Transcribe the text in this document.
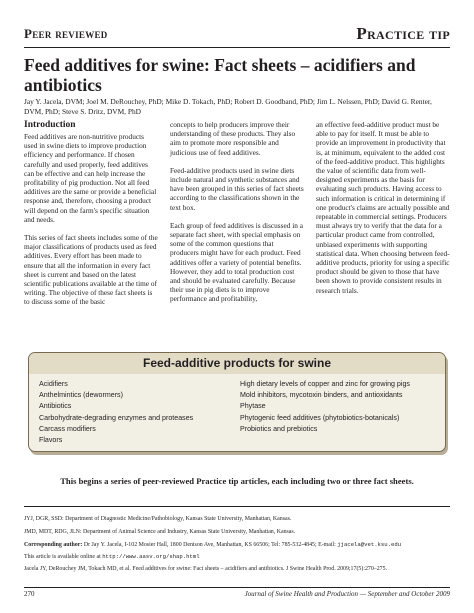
Peer reviewed	Practice tip
Feed additives for swine: Fact sheets – acidifiers and antibiotics
Jay Y. Jacela, DVM; Joel M. DeRouchey, PhD; Mike D. Tokach, PhD; Robert D. Goodband, PhD; Jim L. Nelssen, PhD; David G. Renter, DVM, PhD; Steve S. Dritz, DVM, PhD
Introduction

Feed additives are non-nutritive products used in swine diets to improve production efficiency and performance. If chosen carefully and used properly, feed additives can be effective and can help increase the profitability of pig production. Not all feed additives are the same or provide a beneficial response and, therefore, choosing a product will depend on the farm's specific situation and needs.

This series of fact sheets includes some of the major classifications of products used as feed additives. Every effort has been made to ensure that all the information in every fact sheet is current and based on the latest scientific publications available at the time of writing. The objective of these fact sheets is to discuss some of the basic

concepts to help producers improve their understanding of these products. They also aim to promote more responsible and judicious use of feed additives.

Feed-additive products used in swine diets include natural and synthetic substances and have been grouped in this series of fact sheets according to the classifications shown in the text box.

Each group of feed additives is discussed in a separate fact sheet, with special emphasis on some of the common questions that producers might have for each product. Feed additives offer a variety of potential benefits. However, they add to total production cost and should be evaluated carefully. Because their use in pig diets is to improve performance and profitability,

an effective feed-additive product must be able to pay for itself. It must be able to provide an improvement in productivity that is, at minimum, equivalent to the added cost of the feed-additive product. This highlights the value of scientific data from well-designed experiments as the basis for evaluating such products. Having access to such information is critical in determining if one product's claims are actually possible and repeatable in commercial settings. Producers must always try to verify that the data for a particular product came from controlled, unbiased experiments with supporting statistical data. When choosing between feed-additive products, priority for using a specific product should be given to those that have been shown to provide consistent results in research trials.

Feed-additive products for swine
Acidifiers
Anthelmintics (dewormers)
Antibiotics
Carbohydrate-degrading enzymes and proteases
Carcass modifiers
Flavors
High dietary levels of copper and zinc for growing pigs
Mold inhibitors, mycotoxin binders, and antioxidants
Phytase
Phytogenic feed additives (phytobiotics-botanicals)
Probiotics and prebiotics
This begins a series of peer-reviewed Practice tip articles, each including two or three fact sheets.
JYJ, DGR, SSD: Department of Diagnostic Medicine/Pathobiology, Kansas State University, Manhattan, Kansas.
JMD, MDT, RDG, JLN: Department of Animal Science and Industry, Kansas State University, Manhattan, Kansas.
Corresponding author: Dr Jay Y. Jacela, I-102 Mosier Hall, 1800 Denison Ave, Manhattan, KS 66506; Tel: 785-532-4845; E-mail: jjacela@vet.ksu.edu
This article is available online at http://www.aasv.org/shap.html
Jacela JY, DeRouchey JM, Tokach MD, et al. Feed additives for swine: Fact sheets – acidifiers and antibiotics. J Swine Health Prod. 2009;17(5):270–275.
270	Journal of Swine Health and Production — September and October 2009
